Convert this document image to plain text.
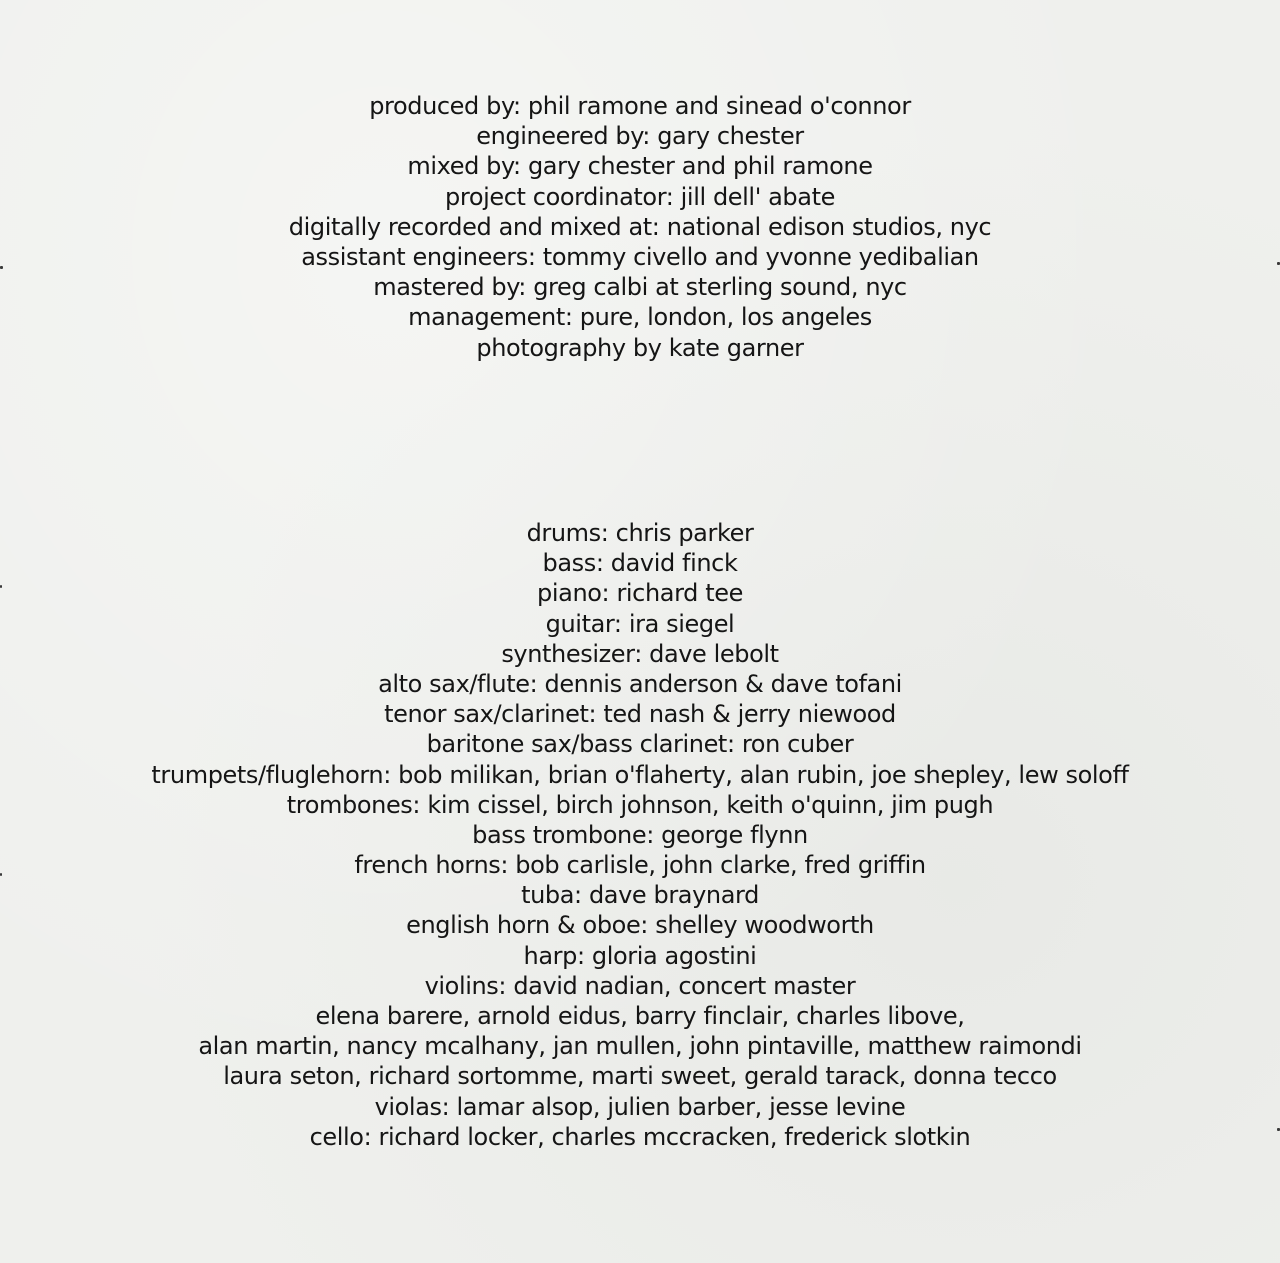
produced by: phil ramone and sinead o'connor
engineered by: gary chester
mixed by: gary chester and phil ramone
project coordinator: jill dell' abate
digitally recorded and mixed at: national edison studios, nyc
assistant engineers: tommy civello and yvonne yedibalian
mastered by: greg calbi at sterling sound, nyc
management: pure, london, los angeles
photography by kate garner
drums: chris parker
bass: david finck
piano: richard tee
guitar: ira siegel
synthesizer: dave lebolt
alto sax/flute: dennis anderson & dave tofani
tenor sax/clarinet: ted nash & jerry niewood
baritone sax/bass clarinet: ron cuber
trumpets/fluglehorn: bob milikan, brian o'flaherty, alan rubin, joe shepley, lew soloff
trombones: kim cissel, birch johnson, keith o'quinn, jim pugh
bass trombone: george flynn
french horns: bob carlisle, john clarke, fred griffin
tuba: dave braynard
english horn & oboe: shelley woodworth
harp: gloria agostini
violins: david nadian, concert master
elena barere, arnold eidus, barry finclair, charles libove,
alan martin, nancy mcalhany, jan mullen, john pintaville, matthew raimondi
laura seton, richard sortomme, marti sweet, gerald tarack, donna tecco
violas: lamar alsop, julien barber, jesse levine
cello: richard locker, charles mccracken, frederick slotkin
